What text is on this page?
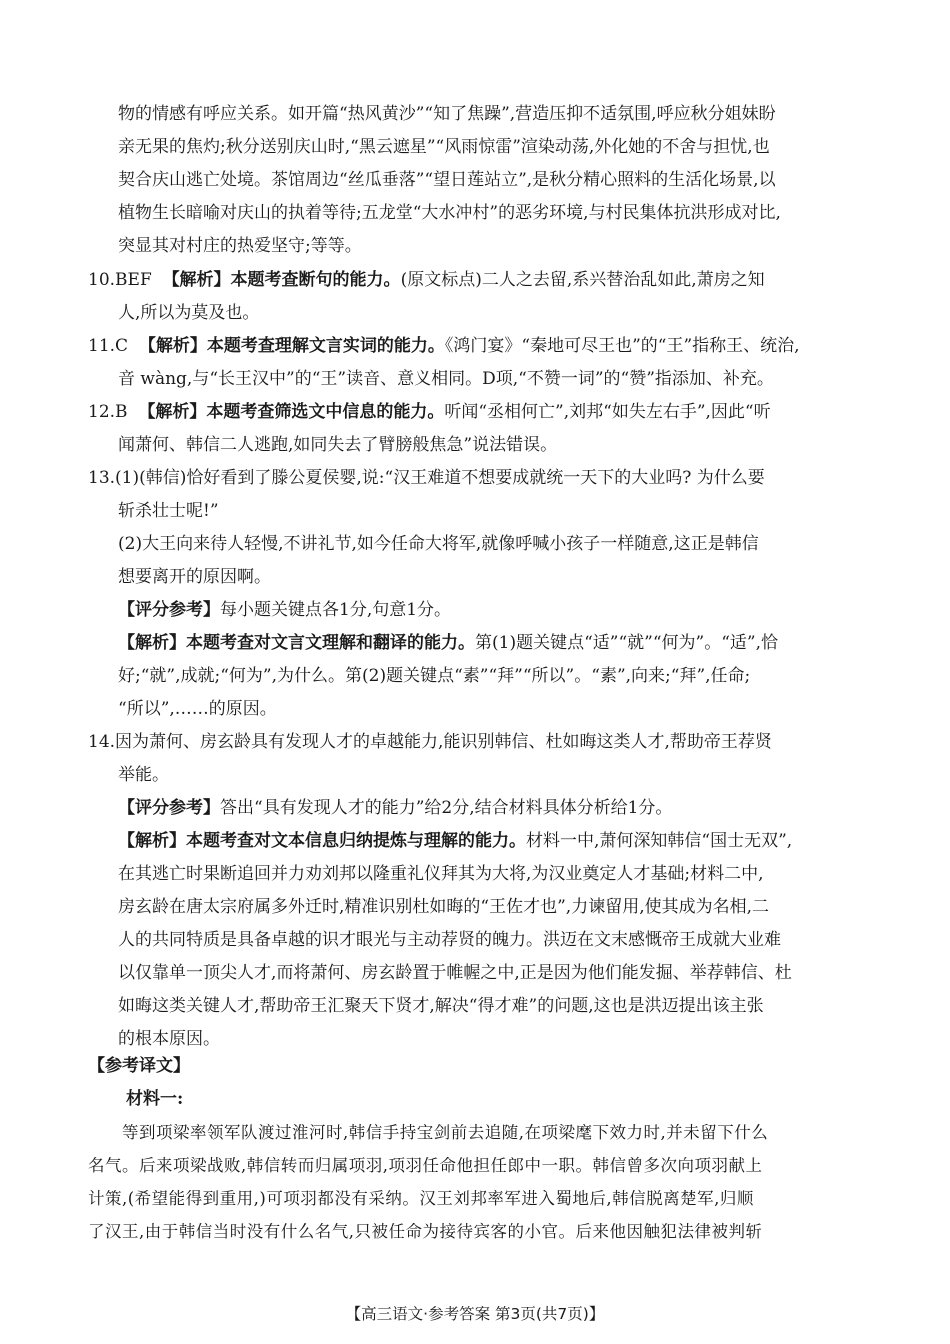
物的情感有呼应关系。如开篇“热风黄沙”“知了焦躁”,营造压抑不适氛围,呼应秋分姐妹盼
亲无果的焦灼;秋分送别庆山时,“黑云遮星”“风雨惊雷”渲染动荡,外化她的不舍与担忧,也
契合庆山逃亡处境。茶馆周边“丝瓜垂落”“望日莲站立”,是秋分精心照料的生活化场景,以
植物生长暗喻对庆山的执着等待;五龙堂“大水冲村”的恶劣环境,与村民集体抗洪形成对比,
突显其对村庄的热爱坚守;等等。
10.BEF 【解析】本题考查断句的能力。(原文标点)二人之去留,系兴替治乱如此,萧房之知
人,所以为莫及也。
11.C 【解析】本题考查理解文言实词的能力。《鸿门宴》“秦地可尽王也”的“王”指称王、统治,
音 wàng,与“长王汉中”的“王”读音、意义相同。D项,“不赞一词”的“赞”指添加、补充。
12.B 【解析】本题考查筛选文中信息的能力。听闻“丞相何亡”,刘邦“如失左右手”,因此“听
闻萧何、韩信二人逃跑,如同失去了臂膀般焦急”说法错误。
13.(1)(韩信)恰好看到了滕公夏侯婴,说:“汉王难道不想要成就统一天下的大业吗? 为什么要
斩杀壮士呢!”
(2)大王向来待人轻慢,不讲礼节,如今任命大将军,就像呼喊小孩子一样随意,这正是韩信
想要离开的原因啊。
【评分参考】每小题关键点各1分,句意1分。
【解析】本题考查对文言文理解和翻译的能力。第(1)题关键点“适”“就”“何为”。“适”,恰
好;“就”,成就;“何为”,为什么。第(2)题关键点“素”“拜”“所以”。“素”,向来;“拜”,任命;
“所以”,……的原因。
14.因为萧何、房玄龄具有发现人才的卓越能力,能识别韩信、杜如晦这类人才,帮助帝王荐贤
举能。
【评分参考】答出“具有发现人才的能力”给2分,结合材料具体分析给1分。
【解析】本题考查对文本信息归纳提炼与理解的能力。材料一中,萧何深知韩信“国士无双”,
在其逃亡时果断追回并力劝刘邦以隆重礼仪拜其为大将,为汉业奠定人才基础;材料二中,
房玄龄在唐太宗府属多外迁时,精准识别杜如晦的“王佐才也”,力谏留用,使其成为名相,二
人的共同特质是具备卓越的识才眼光与主动荐贤的魄力。洪迈在文末感慨帝王成就大业难
以仅靠单一顶尖人才,而将萧何、房玄龄置于帷幄之中,正是因为他们能发掘、举荐韩信、杜
如晦这类关键人才,帮助帝王汇聚天下贤才,解决“得才难”的问题,这也是洪迈提出该主张
的根本原因。
【参考译文】
材料一:
等到项梁率领军队渡过淮河时,韩信手持宝剑前去追随,在项梁麾下效力时,并未留下什么
名气。后来项梁战败,韩信转而归属项羽,项羽任命他担任郎中一职。韩信曾多次向项羽献上
计策,(希望能得到重用,)可项羽都没有采纳。汉王刘邦率军进入蜀地后,韩信脱离楚军,归顺
了汉王,由于韩信当时没有什么名气,只被任命为接待宾客的小官。后来他因触犯法律被判斩
【高三语文·参考答案 第3页(共7页)】
